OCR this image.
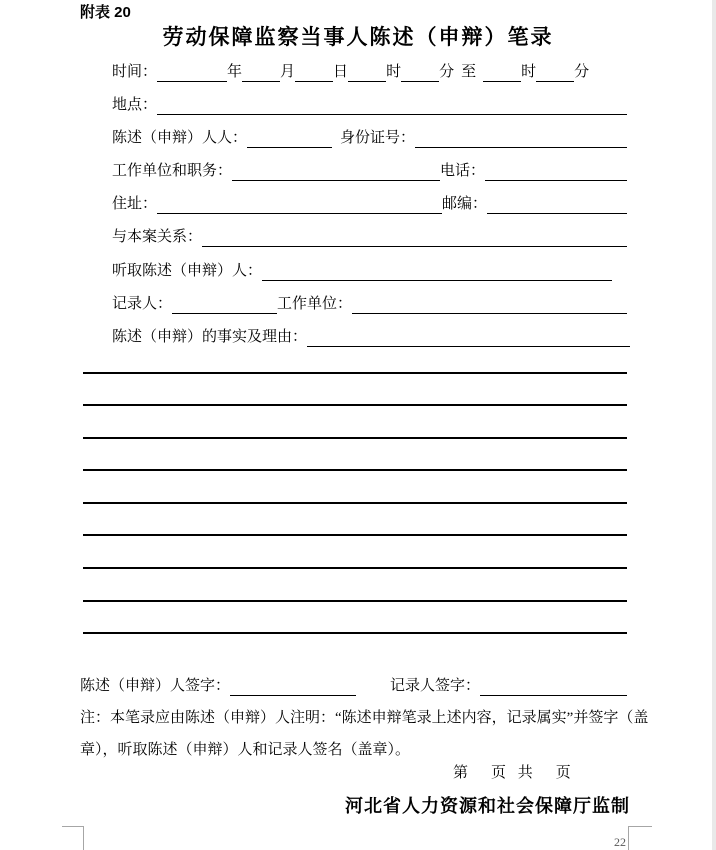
附表 20
劳动保障监察当事人陈述（申辩）笔录
时间：	年	月	日	时	分 至	时	分
地点：
陈述（申辩）人人：	身份证号：
工作单位和职务：	电话：
住址：	邮编：
与本案关系：
听取陈述（申辩）人：
记录人：	工作单位：
陈述（申辩）的事实及理由：
陈述（申辩）人签字：	记录人签字：
注：本笔录应由陈述（申辩）人注明：“陈述申辩笔录上述内容，记录属实”并签字（盖
章），听取陈述（申辩）人和记录人签名（盖章）。
第　页 共　页
河北省人力资源和社会保障厅监制
22
